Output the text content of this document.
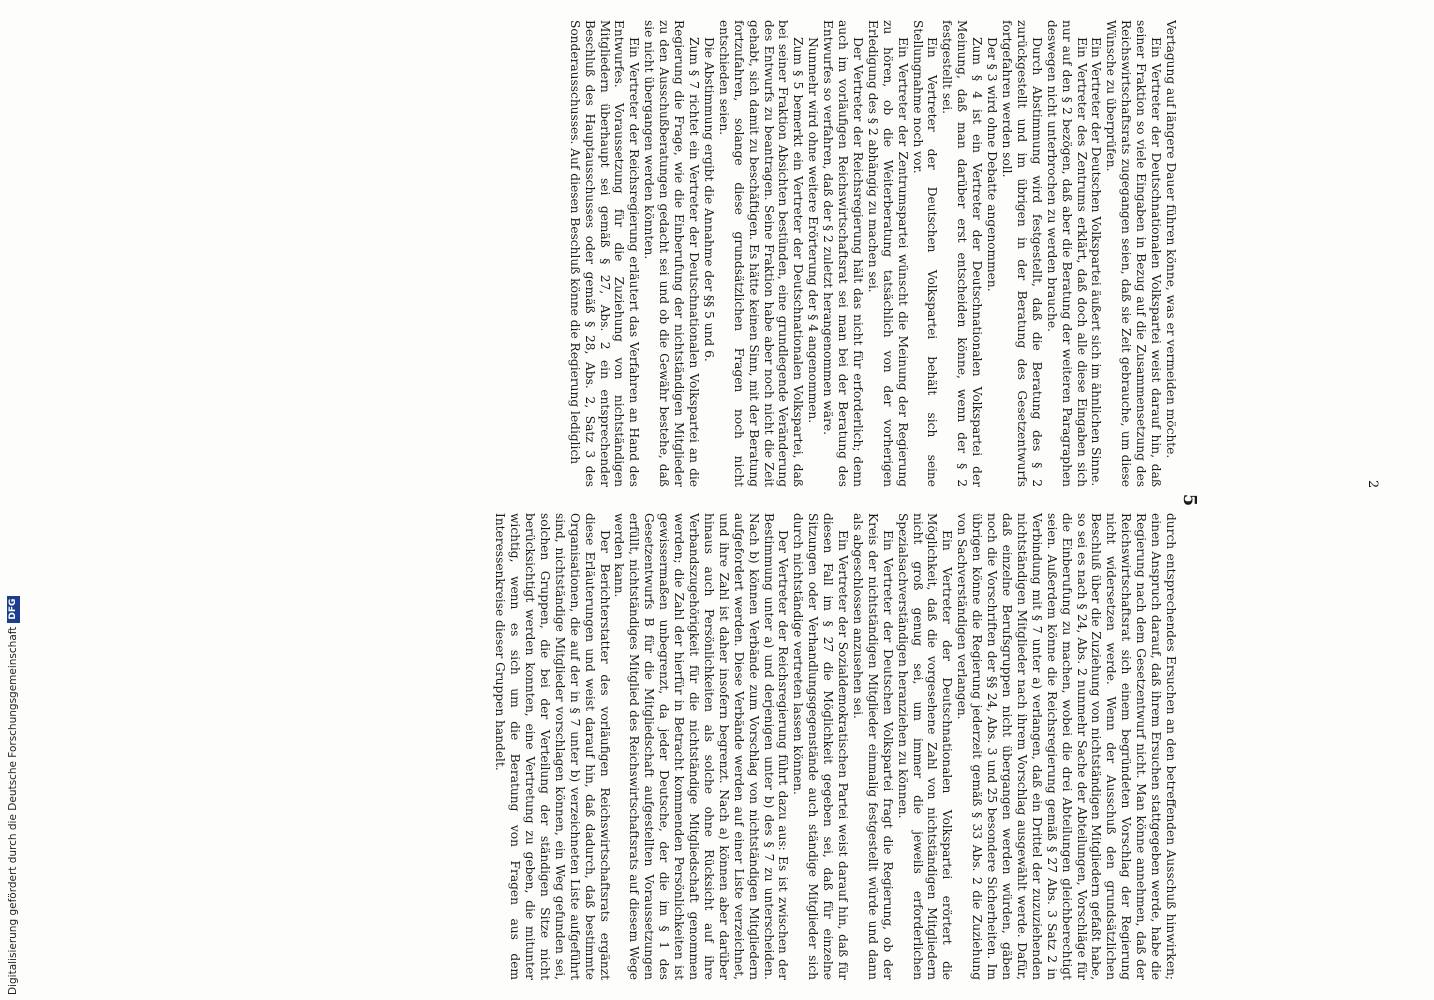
5

Vertagung auf längere Dauer führen könne, was er vermeiden möchte.

Ein Vertreter der Deutschnationalen Volkspartei weist darauf hin, daß seiner Fraktion so viele Eingaben in Bezug auf die Zusammensetzung des Reichswirtschaftsrats zugegangen seien, daß sie Zeit gebrauche, um diese Wünsche zu überprüfen.

Ein Vertreter der Deutschen Volkspartei äußert sich im ähnlichen Sinne.

Ein Vertreter des Zentrums erklärt, daß doch alle diese Eingaben sich nur auf den § 2 bezögen, daß aber die Beratung der weiteren Paragraphen deswegen nicht unterbrochen zu werden brauche.

Durch Abstimmung wird festgestellt, daß die Beratung des § 2 zurückgestellt und im übrigen in der Beratung des Gesetzentwurfs fortgefahren werden soll.

Der § 3 wird ohne Debatte angenommen.

Zum § 4 ist ein Vertreter der Deutschnationalen Volkspartei der Meinung, daß man darüber erst entscheiden könne, wenn der § 2 festgestellt sei.

Ein Vertreter der Deutschen Volkspartei behält sich seine Stellungnahme noch vor.

Ein Vertreter der Zentrumspartei wünscht die Meinung der Regierung zu hören, ob die Weiterberatung tatsächlich von der vorherigen Erledigung des § 2 abhängig zu machen sei.

Der Vertreter der Reichsregierung hält das nicht für erforderlich; denn auch im vorläufigen Reichswirtschaftsrat sei man bei der Beratung des Entwurfes so verfahren, daß der § 2 zuletzt herangenommen wäre.

Nunmehr wird ohne weitere Erörterung der § 4 angenommen.

Zum § 5 bemerkt ein Vertreter der Deutschnationalen Volkspartei, daß bei seiner Fraktion Absichten bestünden, eine grundlegende Veränderung des Entwurfs zu beantragen. Seine Fraktion habe aber noch nicht die Zeit gehabt, sich damit zu beschäftigen. Es hätte keinen Sinn, mit der Beratung fortzufahren, solange diese grundsätzlichen Fragen noch nicht entschieden seien.

Die Abstimmung ergibt die Annahme der §§ 5 und 6.

Zum § 7 richtet ein Vertreter der Deutschnationalen Volkspartei an die Regierung die Frage, wie die Einberufung der nichtständigen Mitglieder zu den Ausschußberatungen gedacht sei und ob die Gewähr bestehe, daß sie nicht übergangen werden könnten.

Ein Vertreter der Reichsregierung erläutert das Verfahren an Hand des Entwurfes. Voraussetzung für die Zuziehung von nichtständigen Mitgliedern überhaupt sei gemäß § 27, Abs. 2 ein entsprechender Beschluß des Hauptausschusses oder gemäß § 28, Abs. 2, Satz 3 des Sonderausschusses. Auf diesen Beschluß könne die Regierung lediglich

durch entsprechendes Ersuchen an den betreffenden Ausschuß hinwirken; einen Anspruch darauf, daß ihrem Ersuchen stattgegeben werde, habe die Regierung nach dem Gesetzentwurf nicht. Man könne annehmen, daß der Reichswirtschaftsrat sich einem begründeten Vorschlag der Regierung nicht widersetzen werde. Wenn der Ausschuß den grundsätzlichen Beschluß über die Zuziehung von nichtständigen Mitgliedern gefaßt habe, so sei es nach § 24, Abs. 2 nunmehr Sache der Abteilungen, Vorschläge für die Einberufung zu machen, wobei die drei Abteilungen gleichberechtigt seien. Außerdem könne die Reichsregierung gemäß § 27 Abs. 3 Satz 2 in Verbindung mit § 7 unter a) verlangen, daß ein Drittel der zuzuziehenden nichtständigen Mitglieder nach ihrem Vorschlag ausgewählt werde. Dafür, daß einzelne Berufsgruppen nicht übergangen werden würden, gäben noch die Vorschriften der §§ 24, Abs. 3 und 25 besondere Sicherheiten. Im übrigen könne die Regierung jederzeit gemäß § 33 Abs. 2 die Zuziehung von Sachverständigen verlangen.

Ein Vertreter der Deutschnationalen Volkspartei erörtert die Möglichkeit, daß die vorgesehene Zahl von nichtständigen Mitgliedern nicht groß genug sei, um immer die jeweils erforderlichen Spezialsachverständigen heranziehen zu können.

Ein Vertreter der Deutschen Volkspartei fragt die Regierung, ob der Kreis der nichtständigen Mitglieder einmalig festgestellt würde und dann als abgeschlossen anzusehen sei.

Ein Vertreter der Sozialdemokratischen Partei weist darauf hin, daß für diesen Fall im § 27 die Möglichkeit gegeben sei, daß für einzelne Sitzungen oder Verhandlungsgegenstände auch ständige Mitglieder sich durch nichtständige vertreten lassen können.

Der Vertreter der Reichsregierung führt dazu aus: Es ist zwischen der Bestimmung unter a) und derjenigen unter b) des § 7 zu unterscheiden. Nach b) können Verbände zum Vorschlag von nichtständigen Mitgliedern aufgefordert werden. Diese Verbände werden auf einer Liste verzeichnet, und ihre Zahl ist daher insofern begrenzt. Nach a) können aber darüber hinaus auch Persönlichkeiten als solche ohne Rücksicht auf ihre Verbandszugehörigkeit für die nichtständige Mitgliedschaft genommen werden; die Zahl der hierfür in Betracht kommenden Persönlichkeiten ist gewissermaßen unbegrenzt, da jeder Deutsche, der die im § 1 des Gesetzentwurfs B für die Mitgliedschaft aufgestellten Voraussetzungen erfüllt, nichtständiges Mitglied des Reichswirtschaftsrats auf diesem Wege werden kann.

Der Berichterstatter des vorläufigen Reichswirtschaftsrats ergänzt diese Erläuterungen und weist darauf hin, daß dadurch, daß bestimmte Organisationen, die auf der in § 7 unter b) verzeichneten Liste aufgeführt sind, nichtständige Mitglieder vorschlagen können, ein Weg gefunden sei, solchen Gruppen, die bei der Verteilung der ständigen Sitze nicht berücksichtigt werden konnten, eine Vertretung zu geben, die mitunter wichtig, wenn es sich um die Beratung von Fragen aus dem Interessenkreise dieser Gruppen handelt.

2
Digitalisierung gefördert durch die Deutsche Forschungsgemeinschaft
DFG
